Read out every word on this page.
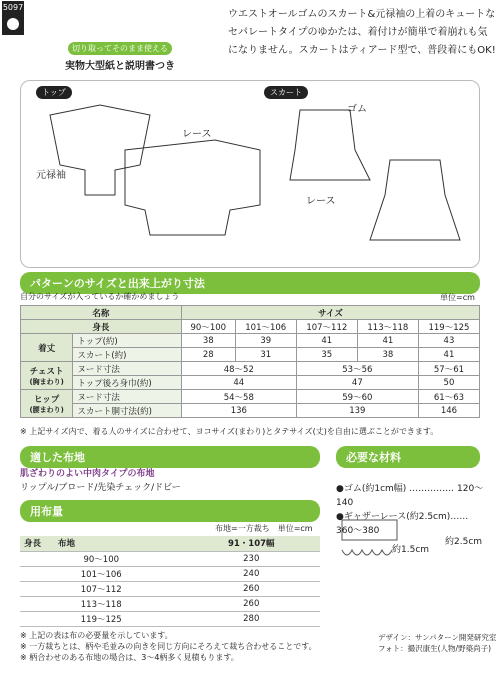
5097
切り取ってそのまま使える
実物大型紙と説明書つき
ウエストオールゴムのスカート&元禄袖の上着のキュートなセパレートタイプのゆかたは、着付けが簡単で着崩れも気になりません。スカートはティアード型で、普段着にもOK!
トップ	スカート
レース
元禄袖
ゴム
レース
パターンのサイズと出来上がり寸法
自分のサイズが入っているか確かめましょう	単位=cm
名称		サイズ				
身長		90〜100	101〜106	107〜112	113〜118	119〜125
着丈	トップ(約)	38	39	41	41	43
	スカート(約)	28	31	35	38	41
チェスト
(胸まわり)	ヌード寸法	48〜52		53〜56		57〜61
	トップ後ろ身巾(約)	44		47		50
ヒップ
(腰まわり)	ヌード寸法	54〜58		59〜60		61〜63
	スカート胴寸法(約)	136		139		146
※ 上記サイズ内で、着る人のサイズに合わせて、ヨコサイズ(まわり)とタテサイズ(丈)を自由に選ぶことができます。
適した布地
肌ざわりのよい中肉タイプの布地
リップル/ブロード/先染チェック/ドビー
用布量
布地=一方裁ち　単位=cm
身長　　 布地	91・107幅
90〜100	230
101〜106	240
107〜112	260
113〜118	260
119〜125	280
※ 上記の表は布の必要量を示しています。
※ 一方裁ちとは、柄や毛並みの向きを同じ方向にそろえて裁ち合わせることです。
※ 柄合わせのある布地の場合は、3〜4柄多く見積もります。
必要な材料
●ゴム(約1cm幅) …………… 120〜140
●ギャザーレース(約2.5cm)…… 360〜380
約1.5cm
約2.5cm
デザイン：サンパターン開発研究室
フォト：撮沢康生(人物/野築尚子)
